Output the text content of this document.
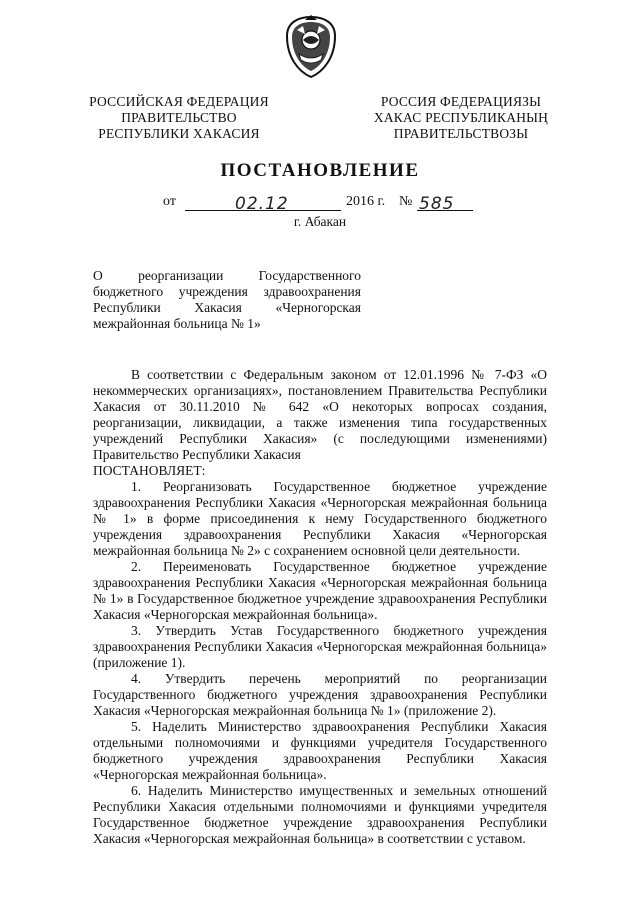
РОССИЙСКАЯ ФЕДЕРАЦИЯ
ПРАВИТЕЛЬСТВО
РЕСПУБЛИКИ ХАКАСИЯ
РОССИЯ ФЕДЕРАЦИЯЗЫ
ХАКАС РЕСПУБЛИКАНЫҢ
ПРАВИТЕЛЬСТВОЗЫ
ПОСТАНОВЛЕНИЕ
от	02.12	2016 г. № 585
г. Абакан
О реорганизации Государственного бюджетного учреждения здравоохранения Республики Хакасия «Черногорская межрайонная больница № 1»

В соответствии с Федеральным законом от 12.01.1996 № 7-ФЗ «О некоммерческих организациях», постановлением Правительства Республики Хакасия от 30.11.2010 № 642 «О некоторых вопросах создания, реорганизации, ликвидации, а также изменения типа государственных учреждений Республики Хакасия» (с последующими изменениями) Правительство Республики Хакасия

ПОСТАНОВЛЯЕТ:

1. Реорганизовать Государственное бюджетное учреждение здравоохранения Республики Хакасия «Черногорская межрайонная больница № 1» в форме присоединения к нему Государственного бюджетного учреждения здравоохранения Республики Хакасия «Черногорская межрайонная больница № 2» с сохранением основной цели деятельности.

2. Переименовать Государственное бюджетное учреждение здравоохранения Республики Хакасия «Черногорская межрайонная больница № 1» в Государственное бюджетное учреждение здравоохранения Республики Хакасия «Черногорская межрайонная больница».

3. Утвердить Устав Государственного бюджетного учреждения здравоохранения Республики Хакасия «Черногорская межрайонная больница» (приложение 1).

4. Утвердить перечень мероприятий по реорганизации Государственного бюджетного учреждения здравоохранения Республики Хакасия «Черногорская межрайонная больница № 1» (приложение 2).

5. Наделить Министерство здравоохранения Республики Хакасия отдельными полномочиями и функциями учредителя Государственного бюджетного учреждения здравоохранения Республики Хакасия «Черногорская межрайонная больница».

6. Наделить Министерство имущественных и земельных отношений Республики Хакасия отдельными полномочиями и функциями учредителя Государственное бюджетное учреждение здравоохранения Республики Хакасия «Черногорская межрайонная больница» в соответствии с уставом.
